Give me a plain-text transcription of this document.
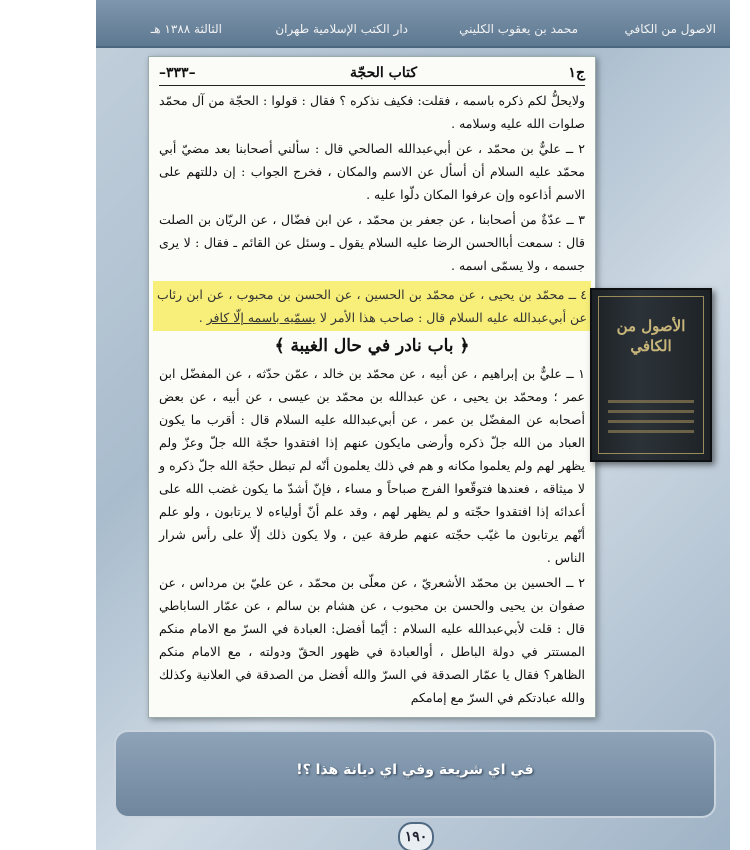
الاصول من الكافي
محمد بن يعقوب الكليني
دار الكتب الإسلامية طهران
الثالثة ١٣٨٨ هـ
ج١
كتاب الحجّة
–٣٣٣–

ولايحلُّ لكم ذكره باسمه ، فقلت: فكيف نذكره ؟ فقال : قولوا : الحجّة من آل محمّد صلوات الله عليه وسلامه .

٢ ــ عليٌّ بن محمّد ، عن أبي‌عبدالله الصالحي قال : سألني أصحابنا بعد مضيّ أبي محمّد عليه السلام أن أسأل عن الاسم والمكان ، فخرج الجواب : إن دللتهم على الاسم أذاعوه وإن عرفوا المكان دلّوا عليه .

٣ ــ عدّةٌ من أصحابنا ، عن جعفر بن محمّد ، عن ابن فضّال ، عن الريّان بن الصلت قال : سمعت أباالحسن الرضا عليه السلام يقول ـ وسئل عن القائم ـ فقال : لا يرى جسمه ، ولا يسمّى اسمه .

٤ ــ محمّد بن يحيى ، عن محمّد بن الحسين ، عن الحسن بن محبوب ، عن ابن رئاب عن أبي‌عبدالله عليه السلام قال : صاحب هذا الأمر لا يسمّيه باسمه إلّا كافر .

﴿ باب نادر في حال الغيبة ﴾

١ ــ عليٌّ بن إبراهيم ، عن أبيه ، عن محمّد بن خالد ، عمّن حدّثه ، عن المفضّل ابن عمر ؛ ومحمّد بن يحيى ، عن عبدالله بن محمّد بن عيسى ، عن أبيه ، عن بعض أصحابه عن المفضّل بن عمر ، عن أبي‌عبدالله عليه السلام قال : أقرب ما يكون العباد من الله جلّ ذكره وأرضى مايكون عنهم إذا افتقدوا حجّة الله جلّ وعزّ ولم يظهر لهم ولم يعلموا مكانه و هم في ذلك يعلمون أنّه لم تبطل حجّة الله جلّ ذكره و لا ميثاقه ، فعندها فتوقّعوا الفرج صباحاً و مساء ، فإنّ أشدّ ما يكون غضب الله على أعدائه إذا افتقدوا حجّته و لم يظهر لهم ، وقد علم أنّ أولياءه لا يرتابون ، ولو علم أنّهم يرتابون ما غيّب حجّته عنهم طرفة عين ، ولا يكون ذلك إلّا على رأس شرار الناس .

٢ ــ الحسين بن محمّد الأشعريّ ، عن معلّى بن محمّد ، عن عليّ بن مرداس ، عن صفوان بن يحيى والحسن بن محبوب ، عن هشام بن سالم ، عن عمّار الساباطي قال : قلت لأبي‌عبدالله عليه السلام : أيّما أفضل: العبادة في السرّ مع الامام منكم المستتر في دولة الباطل ، أوالعبادة في ظهور الحقّ ودولته ، مع الامام منكم الظاهر؟ فقال يا عمّار الصدقة في السرّ والله أفضل من الصدقة في العلانية وكذلك والله عبادتكم في السرّ مع إمامكم

الأصول من الكافي
في اي شريعة وفي اي ديانة هذا ؟!
١٩٠
